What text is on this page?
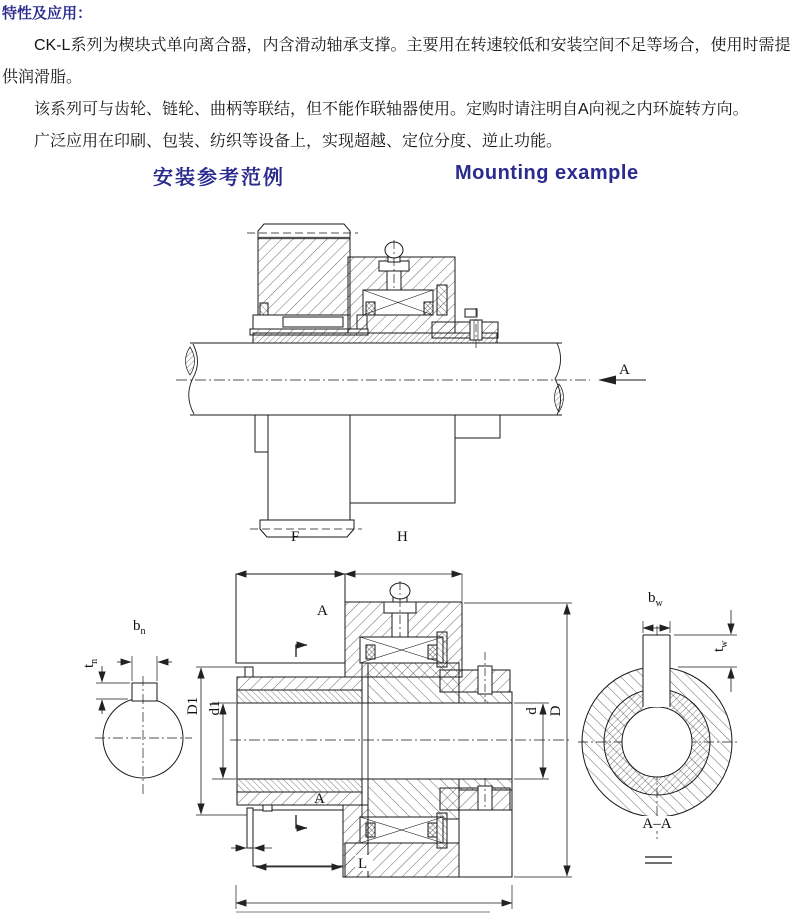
特性及应用：

CK-L系列为楔块式单向离合器，内含滑动轴承支撑。主要用在转速较低和安装空间不足等场合，使用时需提供润滑脂。

该系列可与齿轮、链轮、曲柄等联结，但不能作联轴器使用。定购时请注明自A向视之内环旋转方向。

广泛应用在印刷、包装、纺织等设备上，实现超越、定位分度、逆止功能。

安装参考范例	Mounting example
A
F	H
$b_n$
$t_n$
D1 d1
A
A
d D
L
$b_w$
$t_w$
A–A
